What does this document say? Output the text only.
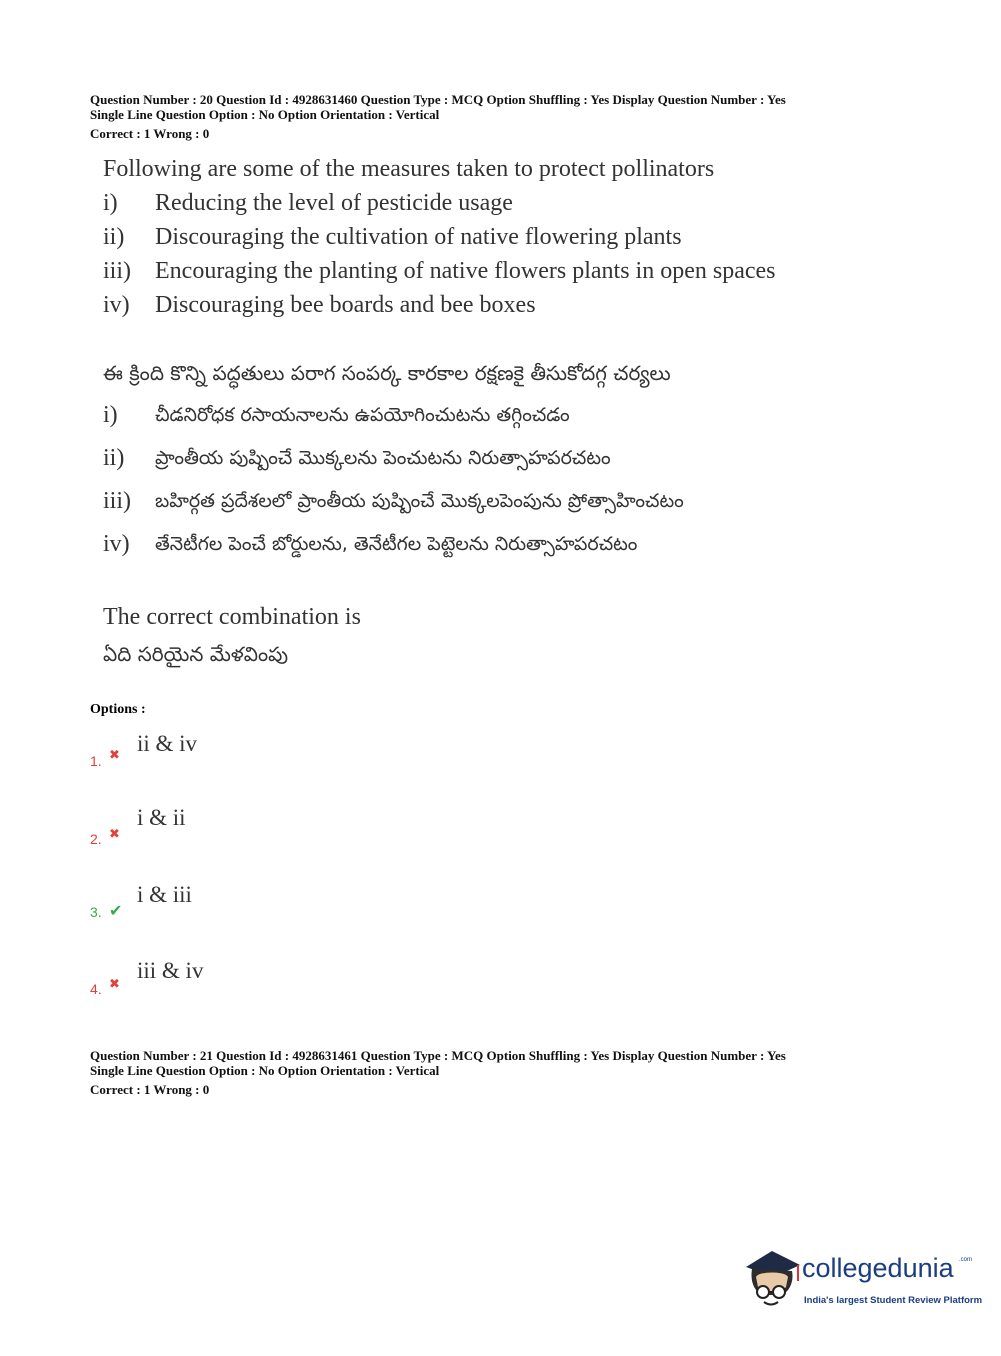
Question Number : 20 Question Id : 4928631460 Question Type : MCQ Option Shuffling : Yes Display Question Number : Yes
Single Line Question Option : No Option Orientation : Vertical
Correct : 1 Wrong : 0
Following are some of the measures taken to protect pollinators
i)	Reducing the level of pesticide usage
ii)	Discouraging the cultivation of native flowering plants
iii)	Encouraging the planting of native flowers plants in open spaces
iv)	Discouraging bee boards and bee boxes
ఈ క్రింది కొన్ని పద్ధతులు పరాగ సంపర్క కారకాల రక్షణకై తీసుకోదగ్గ చర్యలు
i)	చీడనిరోధక రసాయనాలను ఉపయోగించుటను తగ్గించడం
ii)	ప్రాంతీయ పుష్పించే మొక్కలను పెంచుటను నిరుత్సాహపరచటం
iii)	బహిర్గత ప్రదేశలలో ప్రాంతీయ పుష్పించే మొక్కలపెంపును ప్రోత్సాహించటం
iv)	తేనెటీగల పెంచే బోర్డులను, తెనేటీగల పెట్టెలను నిరుత్సాహపరచటం
The correct combination is
ఏది సరియైన మేళవింపు
Options :
1. ✖ ii & iv
2. ✖
i & ii
3. ✔
i & iii
4. ✖
iii & iv
Question Number : 21 Question Id : 4928631461 Question Type : MCQ Option Shuffling : Yes Display Question Number : Yes
Single Line Question Option : No Option Orientation : Vertical
Correct : 1 Wrong : 0
collegedunia .com
India's largest Student Review Platform
